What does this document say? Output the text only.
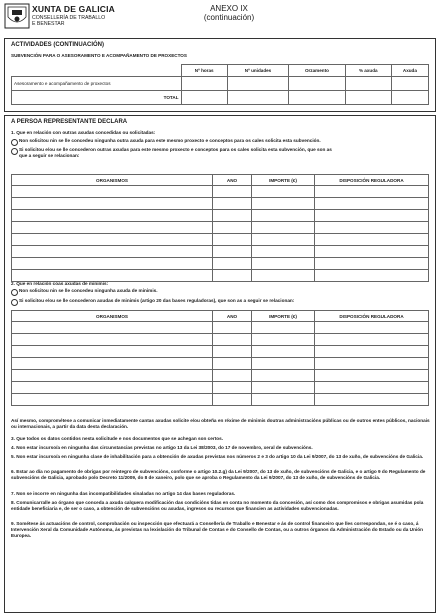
XUNTA DE GALICIA
CONSELLERÍA DE TRABALLO
E BENESTAR
ANEXO IX
(continuación)
ACTIVIDADES (CONTINUACIÓN)
SUBVENCIÓN PARA O ASESORAMENTO E ACOMPAÑAMENTO DE PROXECTOS
	Nº horas	Nº unidades	Orzamento	% axuda	Axuda
Asesoramento e acompañamento de proxectos					
TOTAL					
A PERSOA REPRESENTANTE DECLARA
1. Que en relación con outras axudas concedidas ou solicitadas:
Non solicitou nin se lle concedeu ningunha outra axuda para este mesmo proxecto e conceptos para os cales solicita esta subvención.
Si solicitou e/ou se lle concederon outras axudas para este mesmo proxecto e conceptos para os cales solicita esta subvención, que son as
que a seguir se relacionan:
ORGANISMOS	ANO	IMPORTE (€)	DISPOSICIÓN REGULADORA

2. Que en relación coas axudas de minimis:
Non solicitou nin se lle concedeu ningunha axuda de minimis.
Si solicitou e/ou se lle concederon axudas de minimis (artigo 20 das bases reguladoras), que son as a seguir se relacionan:
ORGANISMOS	ANO	IMPORTE (€)	DISPOSICIÓN REGULADORA

Así mesmo, comprométese a comunicar inmediatamente cantas axudas solicite e/ou obteña en réxime de minimis doutras administracións públicas ou de outros entes públicos, nacionais ou internacionais, a partir da data desta declaración.
3. Que todos os datos contidos nesta solicitude e nos documentos que se achegan son certos.
4. Non estar incurso/a en ningunha das circunstancias previstas no artigo 13 da Lei 38/2003, do 17 de novembro, xeral de subvencións.
5. Non estar incurso/a en ningunha clase de inhabilitación para a obtención de axudas previstas nos números 2 e 3 do artigo 10 da Lei 9/2007, do 13 de xuño, de subvencións de Galicia.
6. Estar ao día no pagamento de obrigas por reintegro de subvencións, conforme o artigo 10.2.g) da Lei 9/2007, do 13 de xuño, de subvencións de Galicia, e o artigo 9 do Regulamento de subvencións de Galicia, aprobado polo Decreto 11/2009, do 8 de xaneiro, polo que se aproba o Regulamento da Lei 9/2007, do 13 de xuño, de subvencións de Galicia.
7. Non se incorre en ningunha das incompatibilidades sinaladas no artigo 14 das bases reguladoras.
8. Comunicarralle ao órgano que conceda a axuda calquera modificación das condicións tidas en conta no momento da concesión, así como dos compromisos e obrigas asumidas pola entidade beneficiaria e, de ser o caso, a obtención de subvencións ou axudas, ingresos ou recursos que financien as actividades subvencionadas.
9. Sométese ás actuacións de control, comprobación ou inspección que efectuará a Consellería de Traballo e Benestar e ás de control financeiro que lles correspondan, se é o caso, á Intervención Xeral da Comunidade Autónoma, ás previstas na lexislación do Tribunal de Contas e do Consello de Contas, ou a outros órganos da Administración do Estado ou da Unión Europea.
